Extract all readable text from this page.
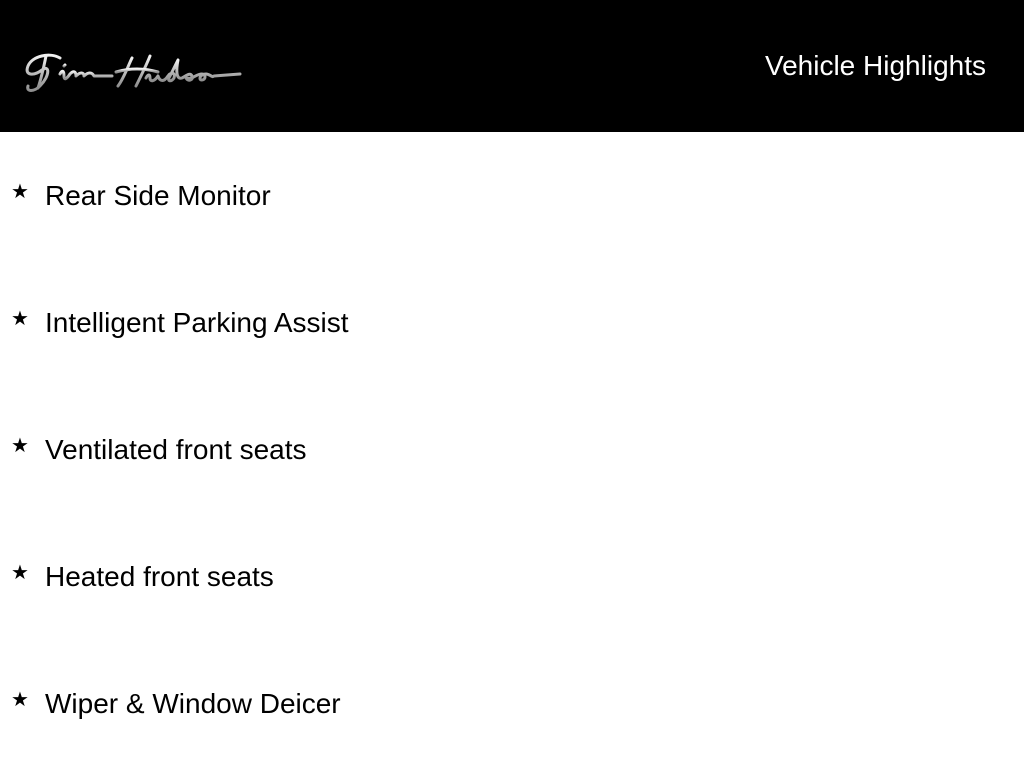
Jim Hudson
Vehicle Highlights
★ Rear Side Monitor
★ Intelligent Parking Assist
★ Ventilated front seats
★ Heated front seats
★ Wiper & Window Deicer
